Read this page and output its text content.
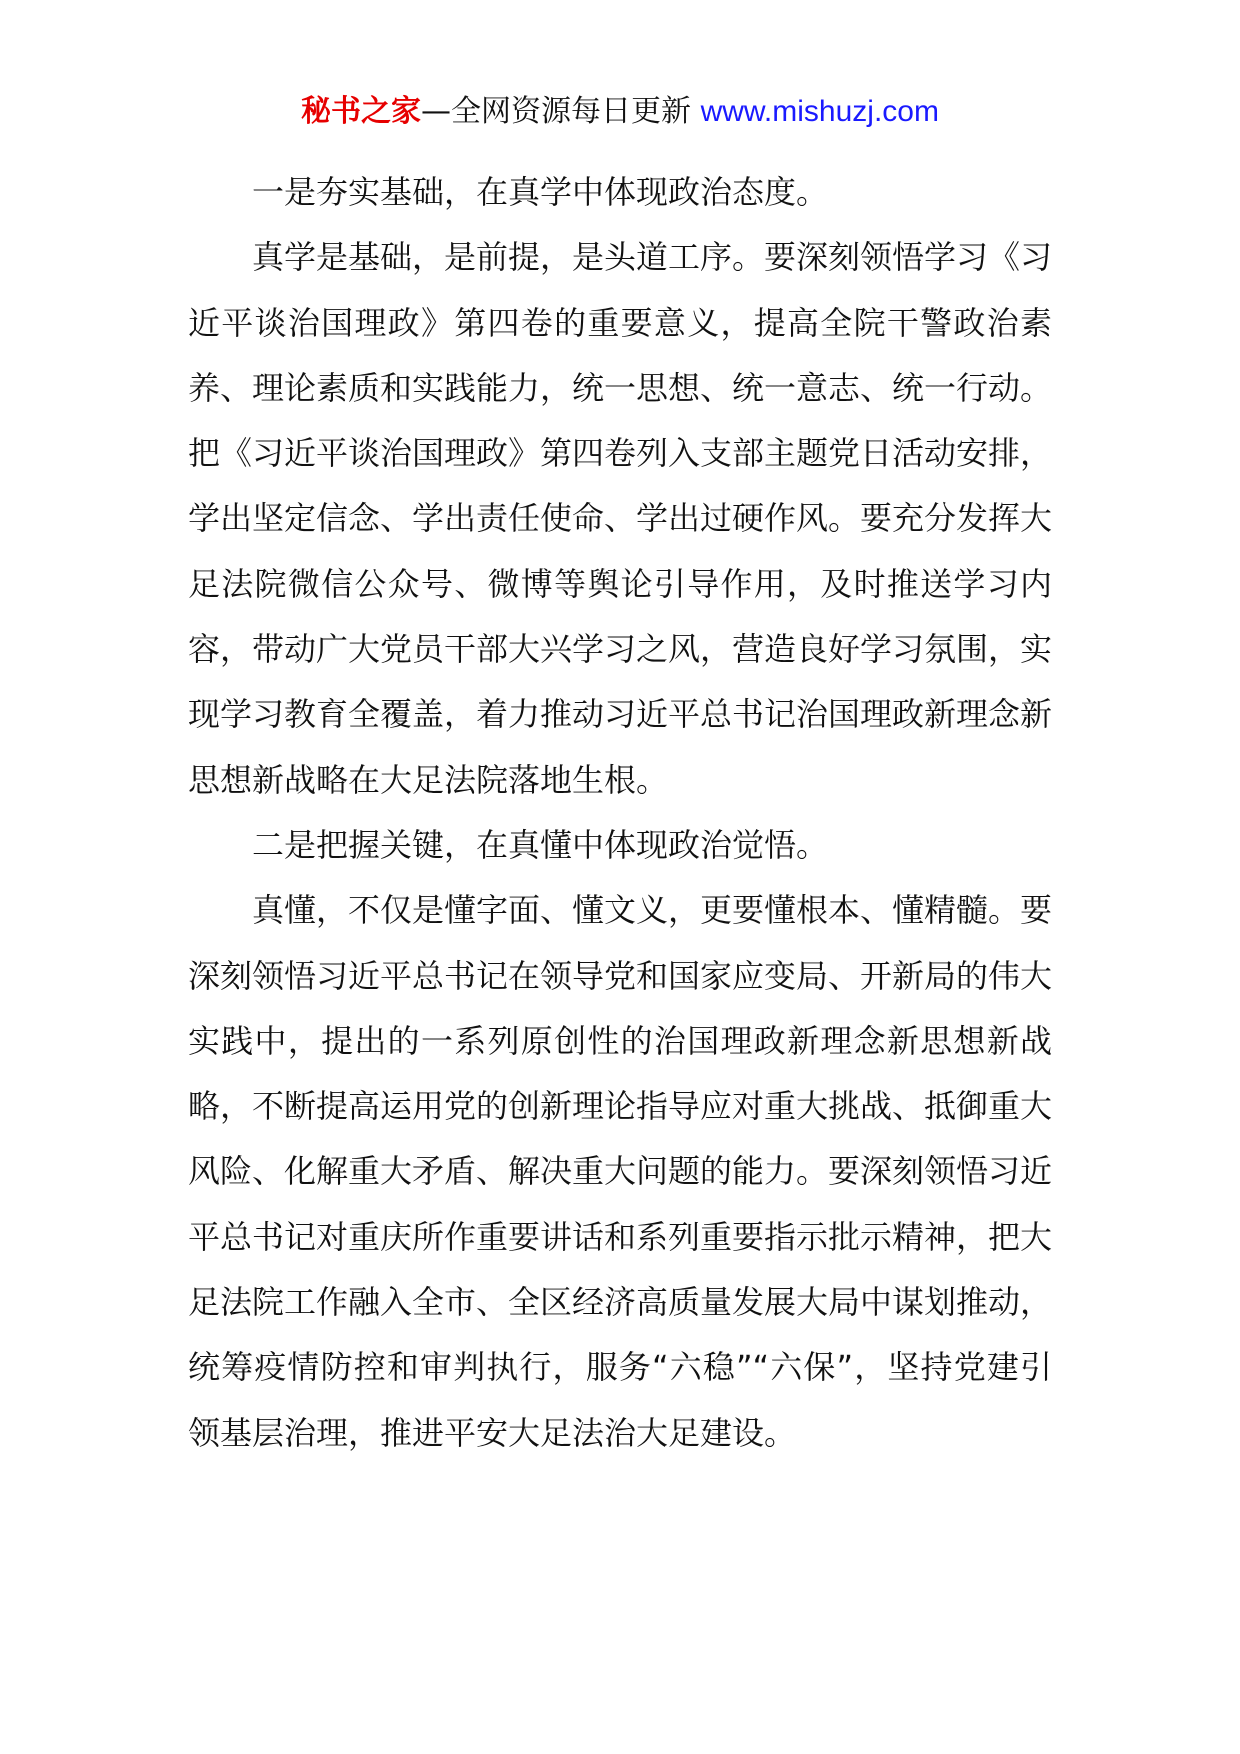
秘书之家—全网资源每日更新 www.mishuzj.com

一是夯实基础，在真学中体现政治态度。

真学是基础，是前提，是头道工序。要深刻领悟学习《习近平谈治国理政》第四卷的重要意义，提高全院干警政治素养、理论素质和实践能力，统一思想、统一意志、统一行动。把《习近平谈治国理政》第四卷列入支部主题党日活动安排，学出坚定信念、学出责任使命、学出过硬作风。要充分发挥大足法院微信公众号、微博等舆论引导作用，及时推送学习内容，带动广大党员干部大兴学习之风，营造良好学习氛围，实现学习教育全覆盖，着力推动习近平总书记治国理政新理念新思想新战略在大足法院落地生根。

二是把握关键，在真懂中体现政治觉悟。

真懂，不仅是懂字面、懂文义，更要懂根本、懂精髓。要深刻领悟习近平总书记在领导党和国家应变局、开新局的伟大实践中，提出的一系列原创性的治国理政新理念新思想新战略，不断提高运用党的创新理论指导应对重大挑战、抵御重大风险、化解重大矛盾、解决重大问题的能力。要深刻领悟习近平总书记对重庆所作重要讲话和系列重要指示批示精神，把大足法院工作融入全市、全区经济高质量发展大局中谋划推动，统筹疫情防控和审判执行，服务“六稳”“六保”，坚持党建引领基层治理，推进平安大足法治大足建设。
